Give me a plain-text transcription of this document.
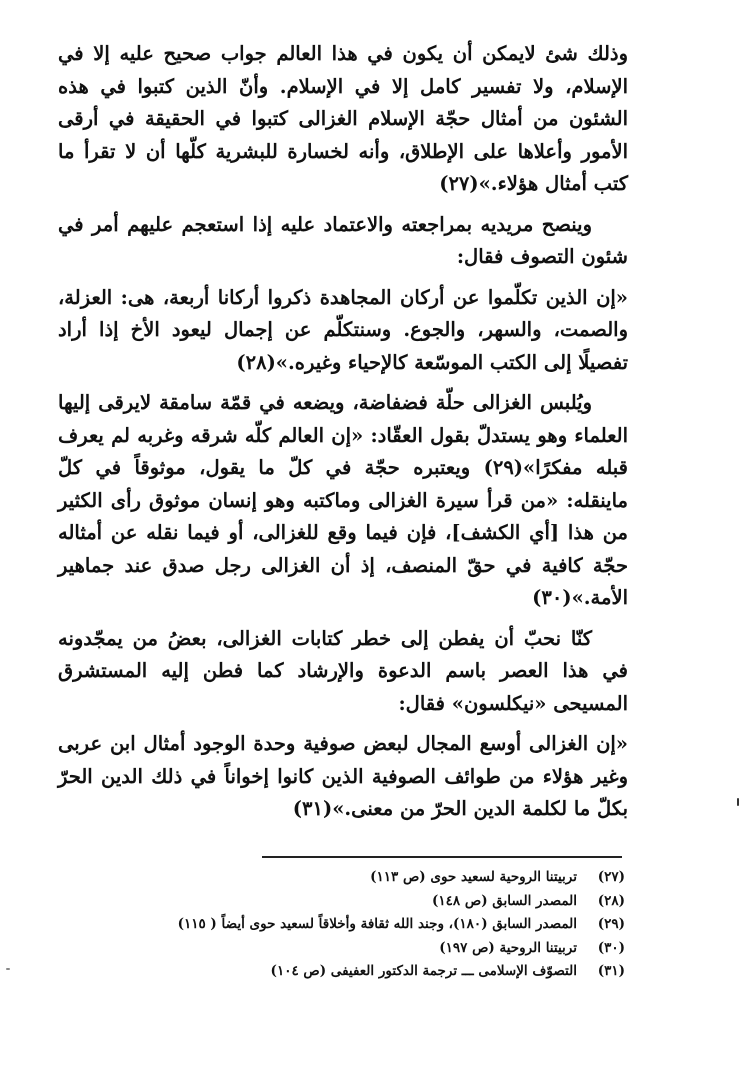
وذلك شئ لايمكن أن يكون في هذا العالم جواب صحيح عليه إلا في الإسلام، ولا تفسير كامل إلا في الإسلام. وأنّ الذين كتبوا في هذه الشئون من أمثال حجّة الإسلام الغزالى كتبوا في الحقيقة في أرقى الأمور وأعلاها على الإطلاق، وأنه لخسارة للبشرية كلّها أن لا تقرأ ما كتب أمثال هؤلاء.»(٢٧)

وينصح مريديه بمراجعته والاعتماد عليه إذا استعجم عليهم أمر في شئون التصوف فقال:

«إن الذين تكلّموا عن أركان المجاهدة ذكروا أركانا أربعة، هى: العزلة، والصمت، والسهر، والجوع. وسنتكلّم عن إجمال ليعود الأخ إذا أراد تفصيلًا إلى الكتب الموسّعة كالإحياء وغيره.»(٢٨)

ويُلبس الغزالى حلّة فضفاضة، ويضعه في قمّة سامقة لايرقى إليها العلماء وهو يستدلّ بقول العقّاد: «إن العالم كلّه شرقه وغربه لم يعرف قبله مفكرًا»(٢٩) ويعتبره حجّة في كلّ ما يقول، موثوقاً في كلّ ماينقله: «من قرأ سيرة الغزالى وماكتبه وهو إنسان موثوق رأى الكثير من هذا [أي الكشف]، فإن فيما وقع للغزالى، أو فيما نقله عن أمثاله حجّة كافية في حقّ المنصف، إذ أن الغزالى رجل صدق عند جماهير الأمة.»(٣٠)

كنّا نحبّ أن يفطن إلى خطر كتابات الغزالى، بعضُ من يمجّدونه في هذا العصر باسم الدعوة والإرشاد كما فطن إليه المستشرق المسيحى «نيكلسون» فقال:

«إن الغزالى أوسع المجال لبعض صوفية وحدة الوجود أمثال ابن عربى وغير هؤلاء من طوائف الصوفية الذين كانوا إخواناً في ذلك الدين الحرّ بكلّ ما لكلمة الدين الحرّ من معنى.»(٣١)

(٢٧)تربيتنا الروحية لسعيد حوى (ص ١١٣)
(٢٨)المصدر السابق (ص ١٤٨)
(٢٩)المصدر السابق (١٨٠)، وجند الله ثقافة وأخلاقاً لسعيد حوى أيضاً ( ١١٥)
(٣٠)تربيتنا الروحية (ص ١٩٧)
(٣١)التصوّف الإسلامى ـــ ترجمة الدكتور العفيفى (ص ١٠٤)
